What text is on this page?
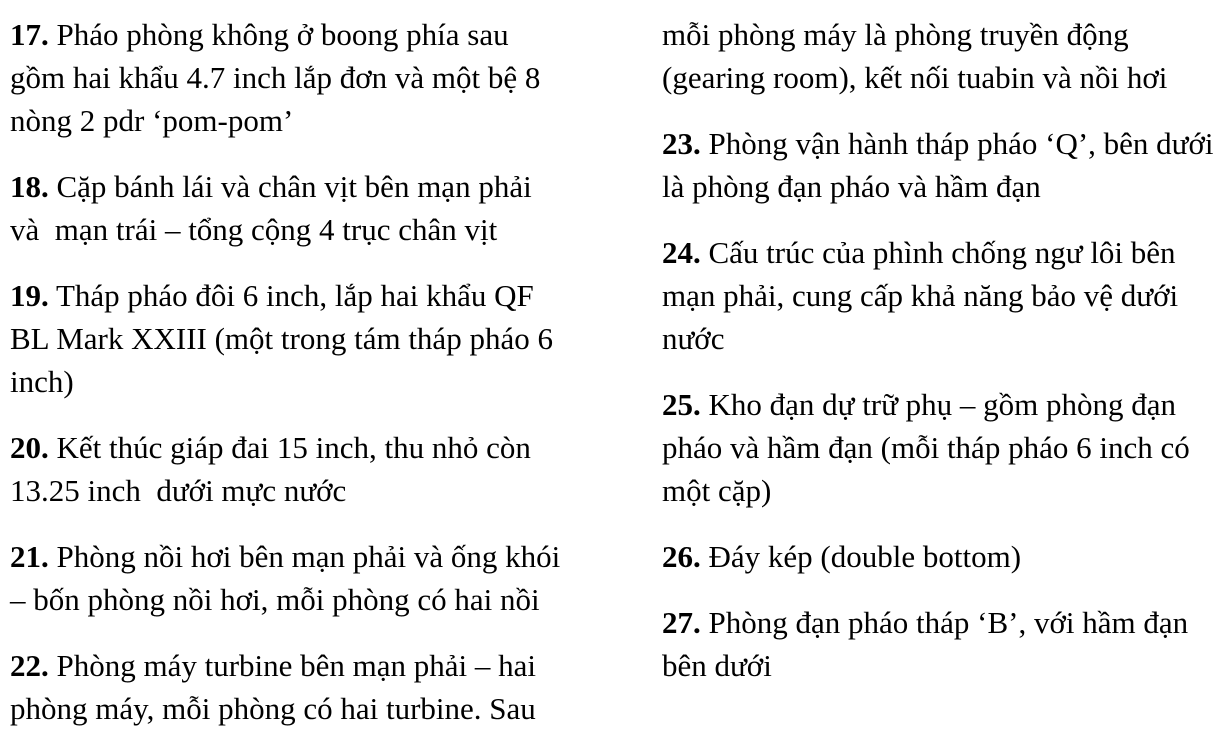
17. Pháo phòng không ở boong phía sau
gồm hai khẩu 4.7 inch lắp đơn và một bệ 8
nòng 2 pdr ‘pom-pom’
18. Cặp bánh lái và chân vịt bên mạn phải
và  mạn trái – tổng cộng 4 trục chân vịt
19. Tháp pháo đôi 6 inch, lắp hai khẩu QF
BL Mark XXIII (một trong tám tháp pháo 6
inch)
20. Kết thúc giáp đai 15 inch, thu nhỏ còn
13.25 inch  dưới mực nước
21. Phòng nồi hơi bên mạn phải và ống khói
– bốn phòng nồi hơi, mỗi phòng có hai nồi
22. Phòng máy turbine bên mạn phải – hai
phòng máy, mỗi phòng có hai turbine. Sau
mỗi phòng máy là phòng truyền động
(gearing room), kết nối tuabin và nồi hơi
23. Phòng vận hành tháp pháo ‘Q’, bên dưới
là phòng đạn pháo và hầm đạn
24. Cấu trúc của phình chống ngư lôi bên
mạn phải, cung cấp khả năng bảo vệ dưới
nước
25. Kho đạn dự trữ phụ – gồm phòng đạn
pháo và hầm đạn (mỗi tháp pháo 6 inch có
một cặp)
26. Đáy kép (double bottom)
27. Phòng đạn pháo tháp ‘B’, với hầm đạn
bên dưới
